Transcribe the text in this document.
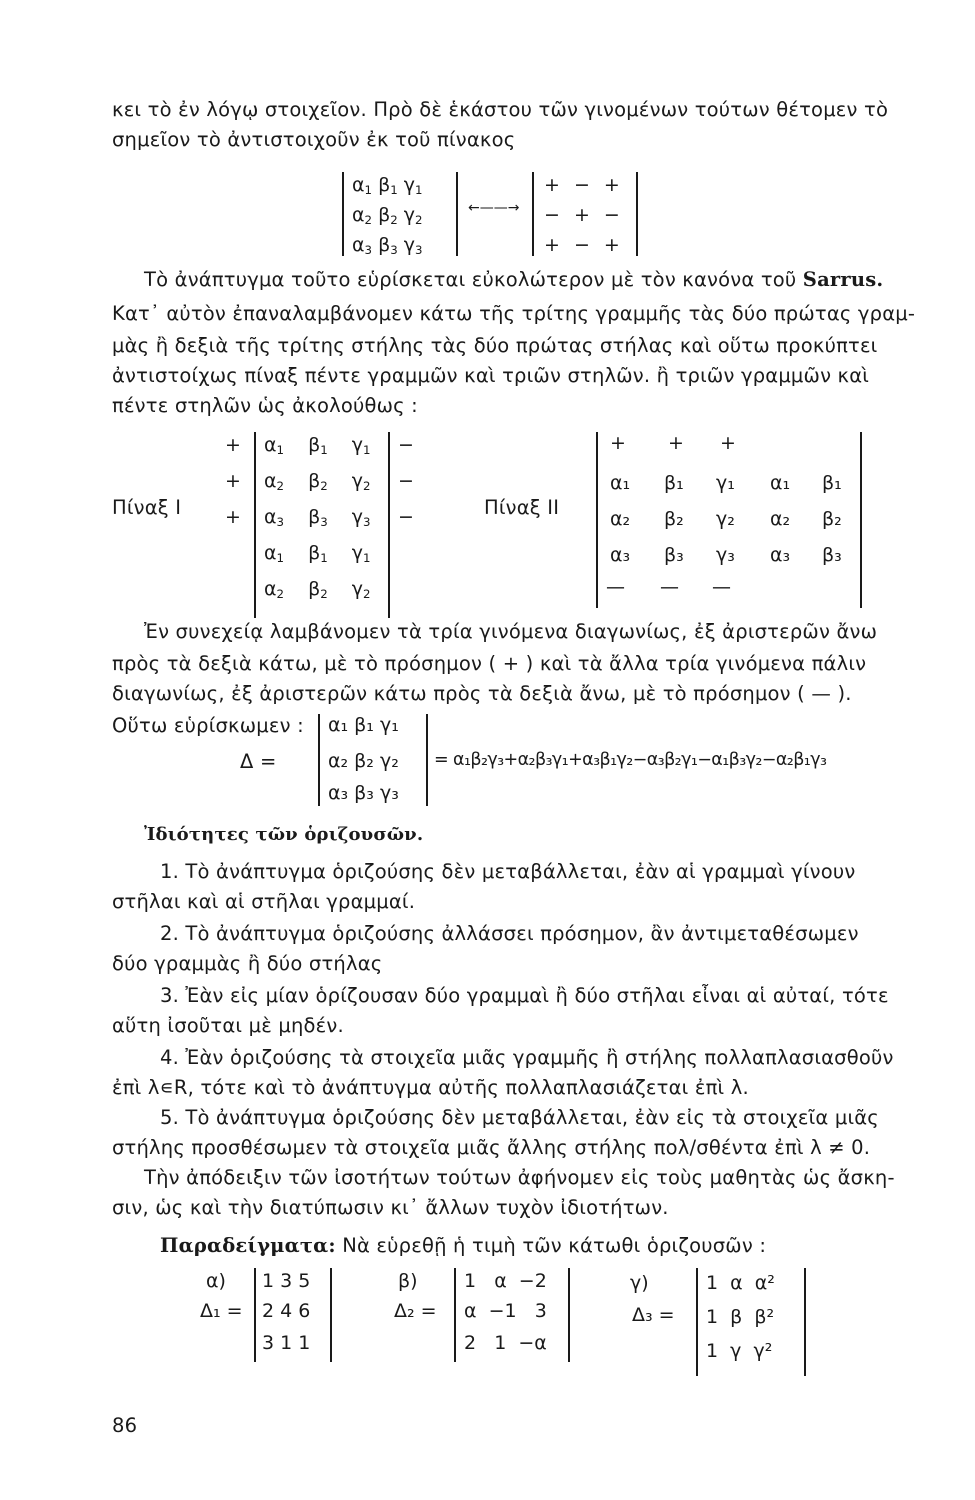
κει τὸ ἐν λόγῳ στοιχεῖον. Πρὸ δὲ ἑκάστου τῶν γινομένων τούτων θέτομεν τὸ
σημεῖον τὸ ἀντιστοιχοῦν ἐκ τοῦ πίνακος
$\alpha_1$ $\beta_1$ $\gamma_1$
$\alpha_2$ $\beta_2$ $\gamma_2$
$\alpha_3$ $\beta_3$ $\gamma_3$
←——→
+ − +
− + −
+ − +
Τὸ ἀνάπτυγμα τοῦτο εὑρίσκεται εὐκολώτερον μὲ τὸν κανόνα τοῦ Sarrus.
Κατ᾽ αὐτὸν ἐπαναλαμβάνομεν κάτω τῆς τρίτης γραμμῆς τὰς δύο πρώτας γραμ-
μὰς ἢ δεξιὰ τῆς τρίτης στήλης τὰς δύο πρώτας στήλας καὶ οὕτω προκύπτει
ἀντιστοίχως πίναξ πέντε γραμμῶν καὶ τριῶν στηλῶν. ἢ τριῶν γραμμῶν καὶ
πέντε στηλῶν ὡς ἀκολούθως :
Πίναξ I
+
+
+
−
−
−
$\alpha_1$ $\beta_1$ $\gamma_1$
$\alpha_2$ $\beta_2$ $\gamma_2$
$\alpha_3$ $\beta_3$ $\gamma_3$
$\alpha_1$ $\beta_1$ $\gamma_1$
$\alpha_2$ $\beta_2$ $\gamma_2$
Πίναξ II
+ + +
α₁ β₁ γ₁ α₁ β₁
α₂ β₂ γ₂ α₂ β₂
α₃ β₃ γ₃ α₃ β₃
— — —
Ἐν συνεχείᾳ λαμβάνομεν τὰ τρία γινόμενα διαγωνίως, ἐξ ἀριστερῶν ἄνω
πρὸς τὰ δεξιὰ κάτω, μὲ τὸ πρόσημον ( + ) καὶ τὰ ἄλλα τρία γινόμενα πάλιν
διαγωνίως, ἐξ ἀριστερῶν κάτω πρὸς τὰ δεξιὰ ἄνω, μὲ τὸ πρόσημον ( — ).
Οὕτω εὑρίσκωμεν :
Δ =
α₁ β₁ γ₁
α₂ β₂ γ₂
α₃ β₃ γ₃
= α₁β₂γ₃+α₂β₃γ₁+α₃β₁γ₂−α₃β₂γ₁−α₁β₃γ₂−α₂β₁γ₃
Ἰδιότητες τῶν ὁριζουσῶν.
1. Τὸ ἀνάπτυγμα ὁριζούσης δὲν μεταβάλλεται, ἐὰν αἱ γραμμαὶ γίνουν
στῆλαι καὶ αἱ στῆλαι γραμμαί.
2. Τὸ ἀνάπτυγμα ὁριζούσης ἀλλάσσει πρόσημον, ἂν ἀντιμεταθέσωμεν
δύο γραμμὰς ἢ δύο στήλας
3. Ἐὰν εἰς μίαν ὁρίζουσαν δύο γραμμαὶ ἢ δύο στῆλαι εἶναι αἱ αὐταί, τότε
αὕτη ἰσοῦται μὲ μηδέν.
4. Ἐὰν ὁριζούσης τὰ στοιχεῖα μιᾶς γραμμῆς ἢ στήλης πολλαπλασιασθοῦν
ἐπὶ λ∊R, τότε καὶ τὸ ἀνάπτυγμα αὐτῆς πολλαπλασιάζεται ἐπὶ λ.
5. Τὸ ἀνάπτυγμα ὁριζούσης δὲν μεταβάλλεται, ἐὰν εἰς τὰ στοιχεῖα μιᾶς
στήλης προσθέσωμεν τὰ στοιχεῖα μιᾶς ἄλλης στήλης πολ/σθέντα ἐπὶ λ ≠ 0.
Τὴν ἀπόδειξιν τῶν ἰσοτήτων τούτων ἀφήνομεν εἰς τοὺς μαθητὰς ὡς ἄσκη-
σιν, ὡς καὶ τὴν διατύπωσιν κι᾽ ἄλλων τυχὸν ἰδιοτήτων.
Παραδείγματα: Νὰ εὑρεθῇ ἡ τιμὴ τῶν κάτωθι ὁριζουσῶν :
α)
Δ₁ =
1 3 5
2 4 6
3 1 1
β)
Δ₂ =
1   α  −2
α  −1   3
2   1  −α
γ)
Δ₃ =
1  α  α²
1  β  β²
1  γ  γ²
86
